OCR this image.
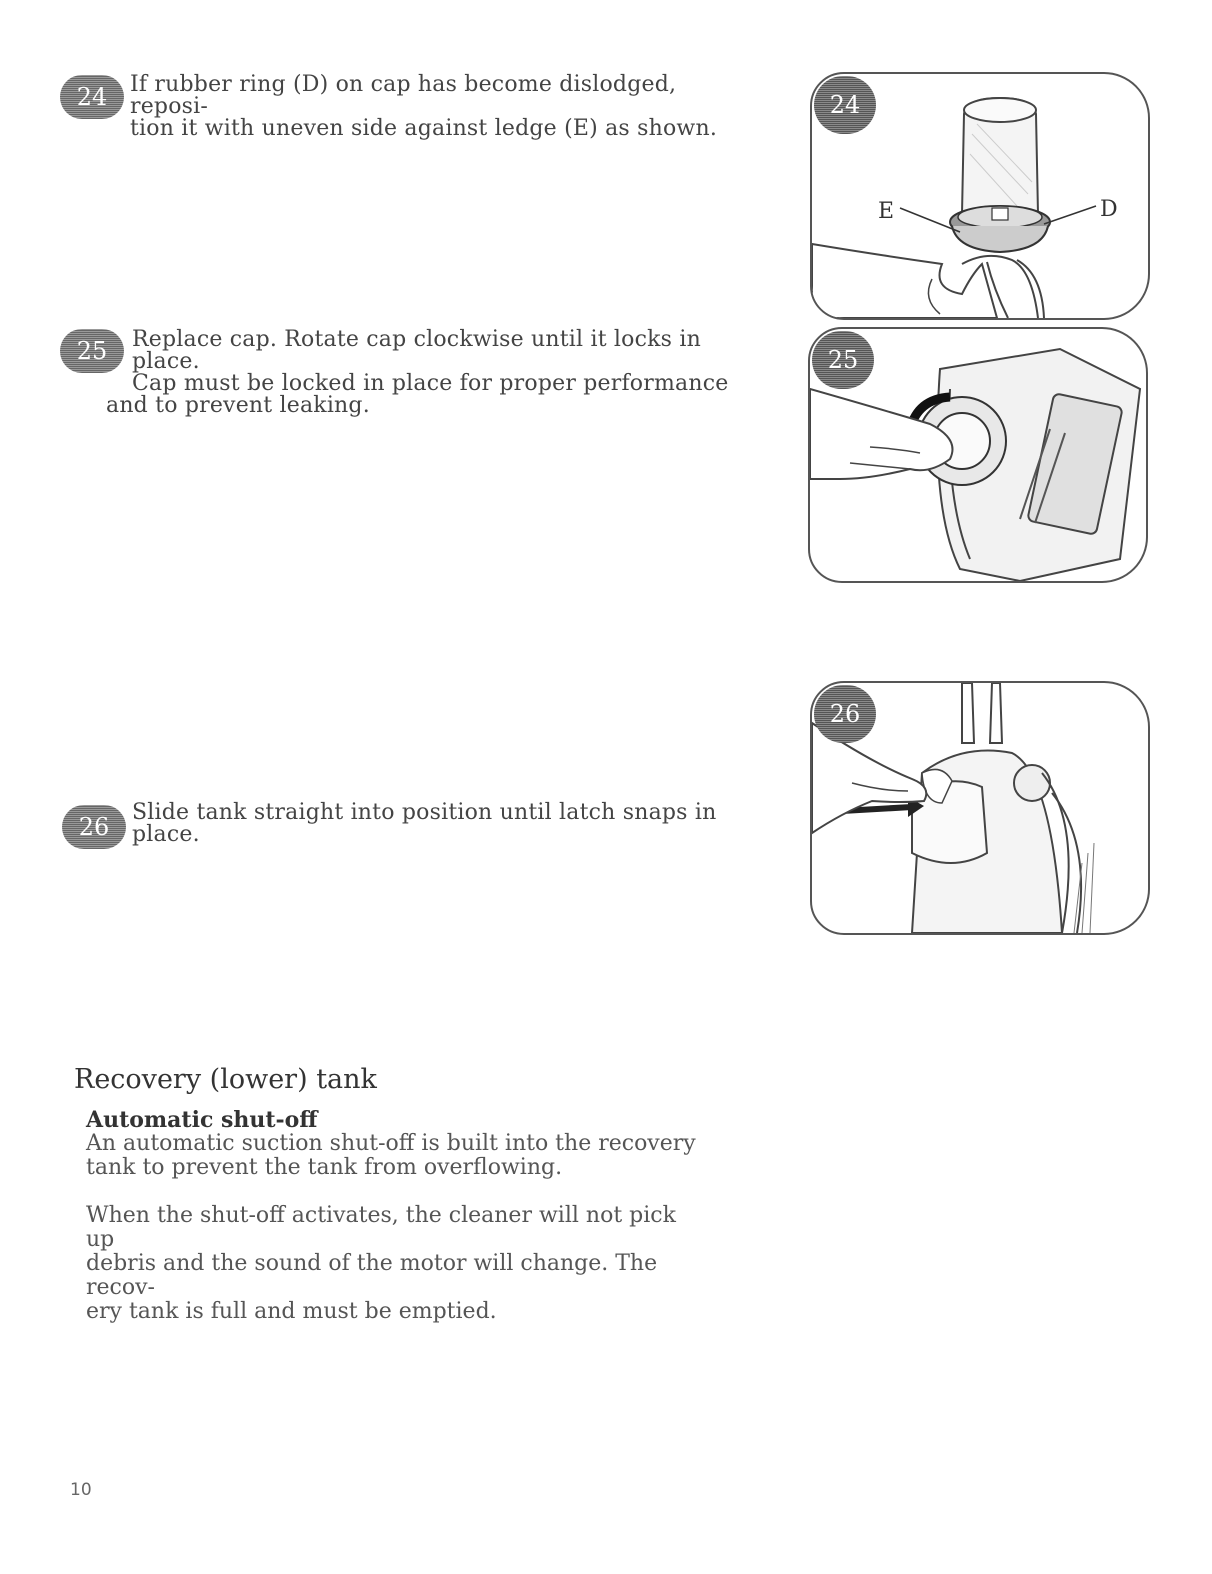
24	If rubber ring (D) on cap has become dislodged, reposi-
tion it with uneven side against ledge (E) as shown.
25	Replace cap. Rotate cap clockwise until it locks in place.
Cap must be locked in place for proper performance
and to prevent leaking.
26
Slide tank straight into position until latch snaps in
place.
E	D
24
25
26
Recovery (lower) tank
Automatic shut-off
An automatic suction shut-off is built into the recovery
tank to prevent the tank from overflowing.
When the shut-off activates, the cleaner will not pick up
debris and the sound of the motor will change. The recov-
ery tank is full and must be emptied.
10
